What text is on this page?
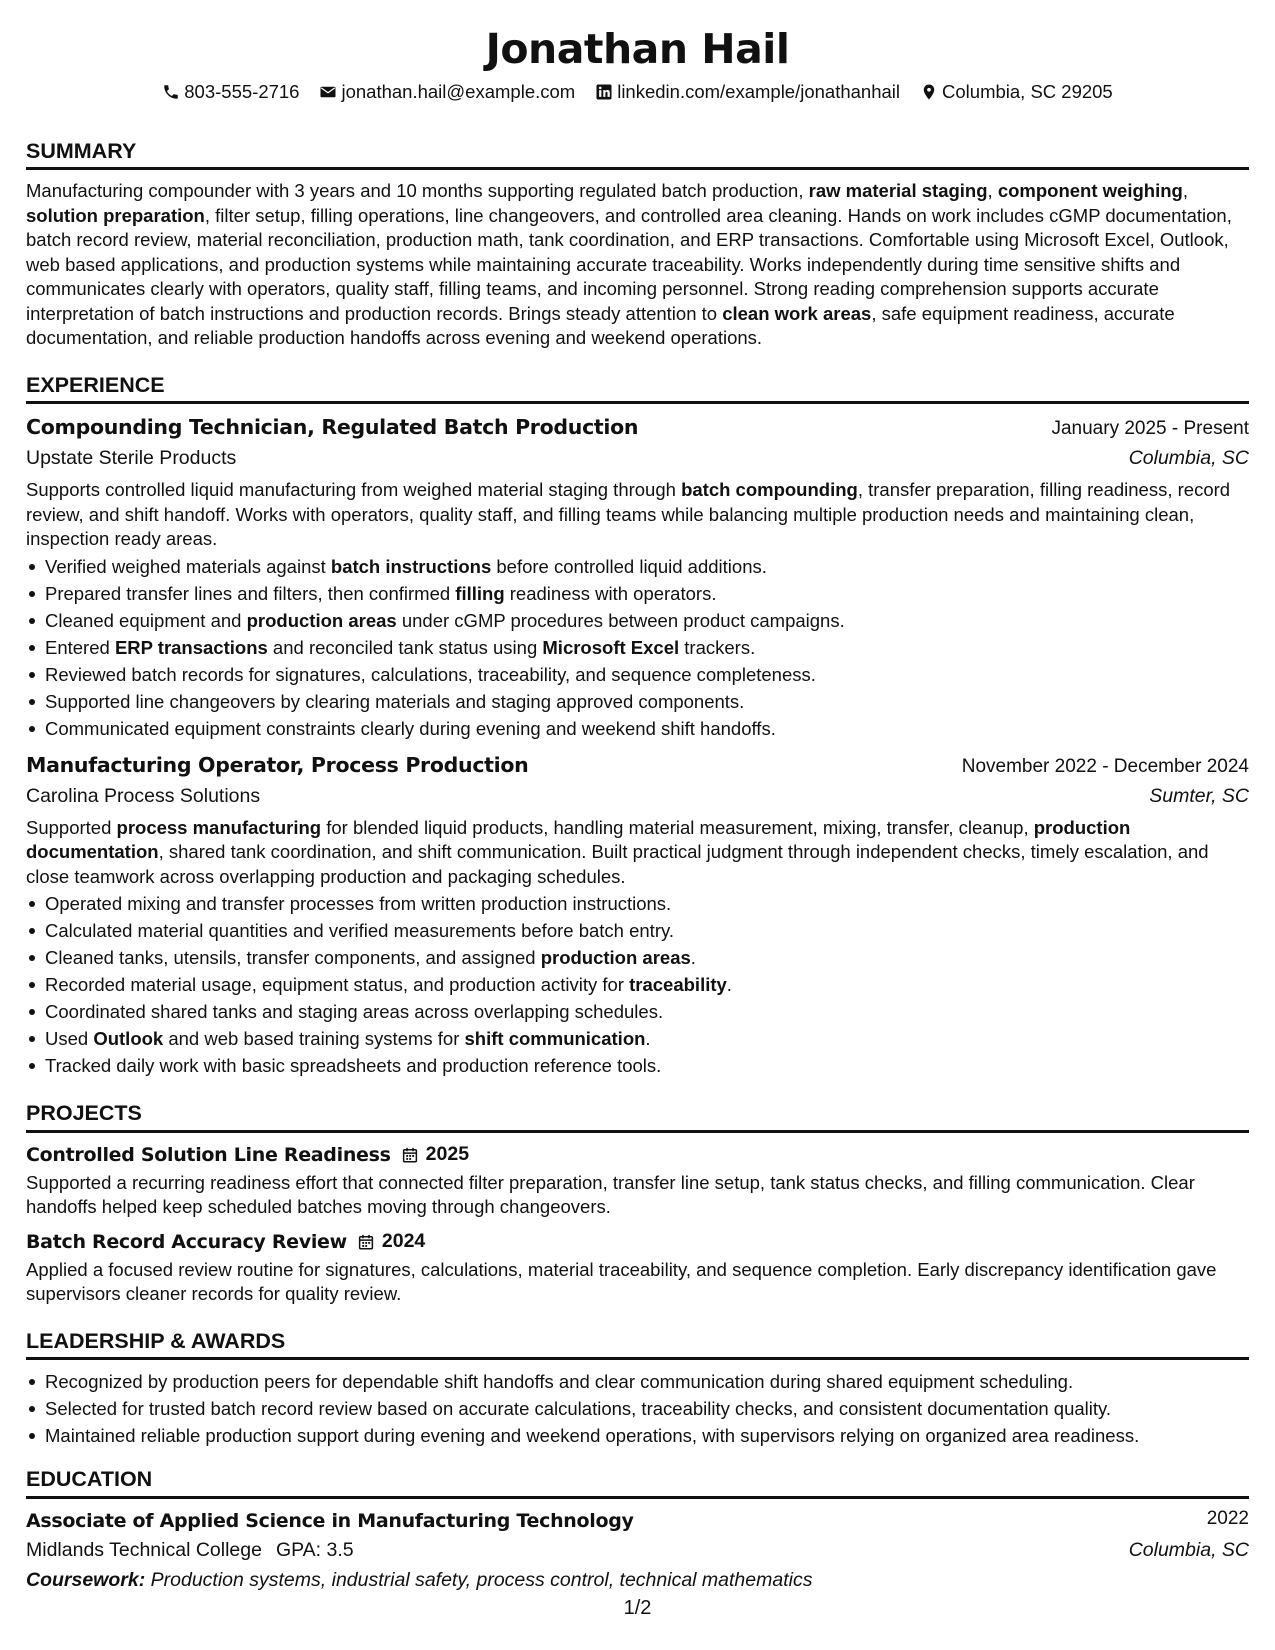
Jonathan Hail
803-555-2716 jonathan.hail@example.com linkedin.com/example/jonathanhail Columbia, SC 29205
SUMMARY

Manufacturing compounder with 3 years and 10 months supporting regulated batch production, raw material staging, component weighing, solution preparation, filter setup, filling operations, line changeovers, and controlled area cleaning. Hands on work includes cGMP documentation, batch record review, material reconciliation, production math, tank coordination, and ERP transactions. Comfortable using Microsoft Excel, Outlook, web based applications, and production systems while maintaining accurate traceability. Works independently during time sensitive shifts and communicates clearly with operators, quality staff, filling teams, and incoming personnel. Strong reading comprehension supports accurate interpretation of batch instructions and production records. Brings steady attention to clean work areas, safe equipment readiness, accurate documentation, and reliable production handoffs across evening and weekend operations.

EXPERIENCE
Compounding Technician, Regulated Batch Production	January 2025 - Present
Upstate Sterile Products	Columbia, SC

Supports controlled liquid manufacturing from weighed material staging through batch compounding, transfer preparation, filling readiness, record review, and shift handoff. Works with operators, quality staff, and filling teams while balancing multiple production needs and maintaining clean, inspection ready areas.

Verified weighed materials against batch instructions before controlled liquid additions.
Prepared transfer lines and filters, then confirmed filling readiness with operators.
Cleaned equipment and production areas under cGMP procedures between product campaigns.
Entered ERP transactions and reconciled tank status using Microsoft Excel trackers.
Reviewed batch records for signatures, calculations, traceability, and sequence completeness.
Supported line changeovers by clearing materials and staging approved components.
Communicated equipment constraints clearly during evening and weekend shift handoffs.
Manufacturing Operator, Process Production	November 2022 - December 2024
Carolina Process Solutions	Sumter, SC

Supported process manufacturing for blended liquid products, handling material measurement, mixing, transfer, cleanup, production documentation, shared tank coordination, and shift communication. Built practical judgment through independent checks, timely escalation, and close teamwork across overlapping production and packaging schedules.

Operated mixing and transfer processes from written production instructions.
Calculated material quantities and verified measurements before batch entry.
Cleaned tanks, utensils, transfer components, and assigned production areas.
Recorded material usage, equipment status, and production activity for traceability.
Coordinated shared tanks and staging areas across overlapping schedules.
Used Outlook and web based training systems for shift communication.
Tracked daily work with basic spreadsheets and production reference tools.
PROJECTS
Controlled Solution Line Readiness 2025

Supported a recurring readiness effort that connected filter preparation, transfer line setup, tank status checks, and filling communication. Clear handoffs helped keep scheduled batches moving through changeovers.

Batch Record Accuracy Review 2024

Applied a focused review routine for signatures, calculations, material traceability, and sequence completion. Early discrepancy identification gave supervisors cleaner records for quality review.

LEADERSHIP & AWARDS
Recognized by production peers for dependable shift handoffs and clear communication during shared equipment scheduling.
Selected for trusted batch record review based on accurate calculations, traceability checks, and consistent documentation quality.
Maintained reliable production support during evening and weekend operations, with supervisors relying on organized area readiness.
EDUCATION
Associate of Applied Science in Manufacturing Technology	2022
Midlands Technical College GPA: 3.5	Columbia, SC
Coursework: Production systems, industrial safety, process control, technical mathematics
1/2
